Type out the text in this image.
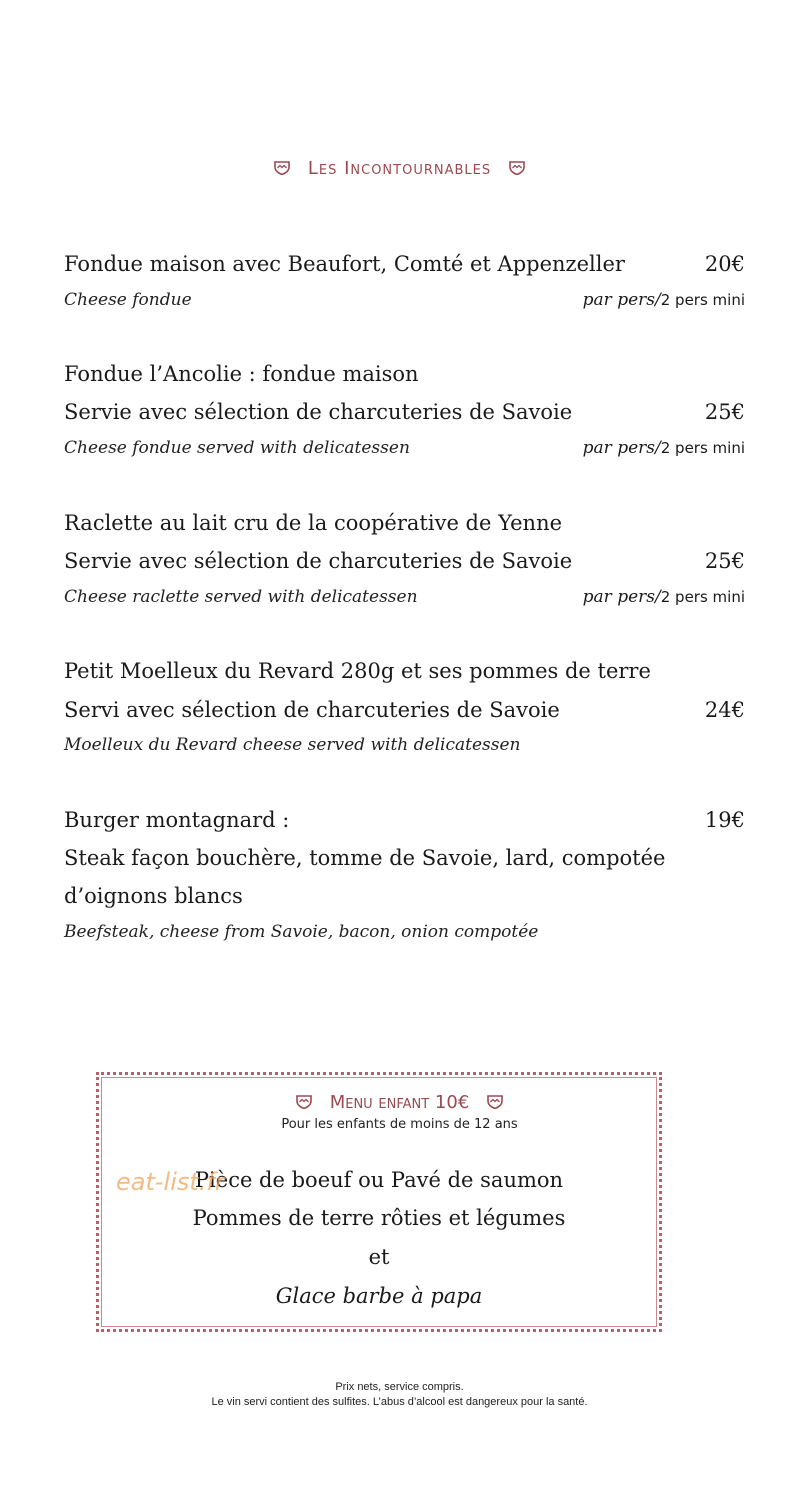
Les Incontournables
Fondue maison avec Beaufort, Comté et Appenzeller	20€
Cheese fondue	par pers/2 pers mini
Fondue l’Ancolie : fondue maison
Servie avec sélection de charcuteries de Savoie	25€
Cheese fondue served with delicatessen	par pers/2 pers mini
Raclette au lait cru de la coopérative de Yenne
Servie avec sélection de charcuteries de Savoie	25€
Cheese raclette served with delicatessen	par pers/2 pers mini
Petit Moelleux du Revard 280g et ses pommes de terre
Servi avec sélection de charcuteries de Savoie	24€
Moelleux du Revard cheese served with delicatessen
Burger montagnard :	19€
Steak façon bouchère, tomme de Savoie, lard, compotée
d’oignons blancs
Beefsteak, cheese from Savoie, bacon, onion compotée
Menu enfant 10€
Pour les enfants de moins de 12 ans
Pièce de boeuf ou Pavé de saumon
Pommes de terre rôties et légumes
et
Glace barbe à papa
eat-list.fr
Prix nets, service compris.
Le vin servi contient des sulfites. L’abus d’alcool est dangereux pour la santé.
